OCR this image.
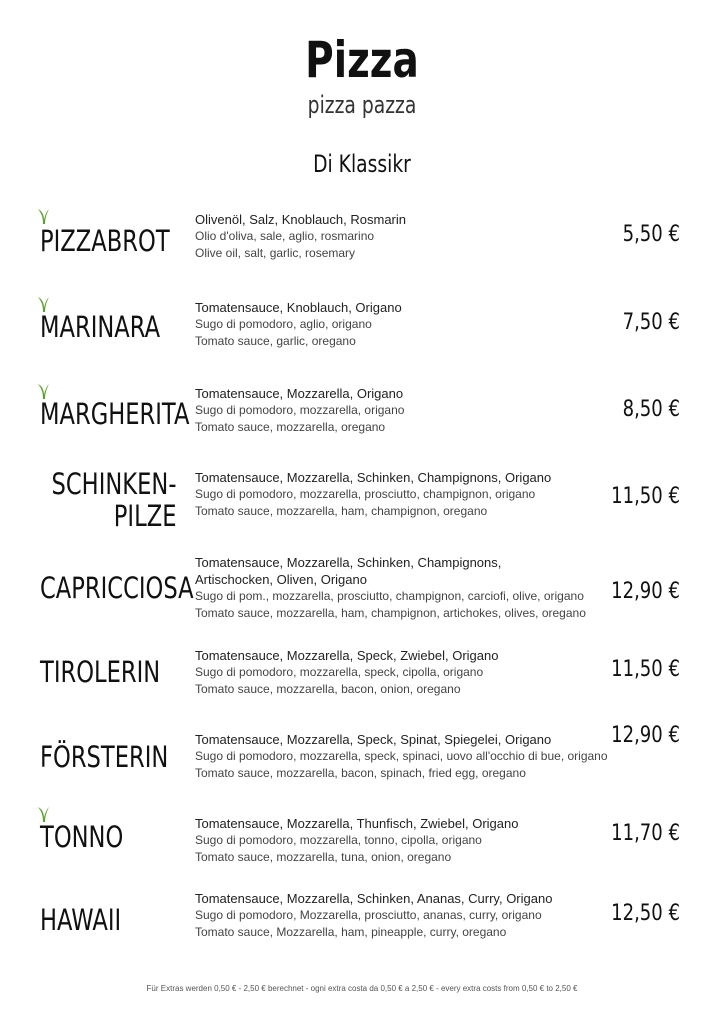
Pizza
pizza pazza
Di Klassikr
PIZZABROT
Olivenöl, Salz, Knoblauch, Rosmarin
Olio d'oliva, sale, aglio, rosmarino
Olive oil, salt, garlic, rosemary
5,50 €
MARINARA
Tomatensauce, Knoblauch, Origano
Sugo di pomodoro, aglio, origano
Tomato sauce, garlic, oregano
7,50 €
MARGHERITA
Tomatensauce, Mozzarella, Origano
Sugo di pomodoro, mozzarella, origano
Tomato sauce, mozzarella, oregano
8,50 €
SCHINKEN-
PILZE
Tomatensauce, Mozzarella, Schinken, Champignons, Origano
Sugo di pomodoro, mozzarella, prosciutto, champignon, origano
Tomato sauce, mozzarella, ham, champignon, oregano
11,50 €
CAPRICCIOSA
Tomatensauce, Mozzarella, Schinken, Champignons,
Artischocken, Oliven, Origano
Sugo di pom., mozzarella, prosciutto, champignon, carciofi, olive, origano
Tomato sauce, mozzarella, ham, champignon, artichokes, olives, oregano
12,90 €
TIROLERIN	Tomatensauce, Mozzarella, Speck, Zwiebel, Origano
Sugo di pomodoro, mozzarella, speck, cipolla, origano
Tomato sauce, mozzarella, bacon, onion, oregano
11,50 €
FÖRSTERIN
Tomatensauce, Mozzarella, Speck, Spinat, Spiegelei, Origano
Sugo di pomodoro, mozzarella, speck, spinaci, uovo all'occhio di bue, origano
Tomato sauce, mozzarella, bacon, spinach, fried egg, oregano
12,90 €
TONNO	Tomatensauce, Mozzarella, Thunfisch, Zwiebel, Origano
Sugo di pomodoro, mozzarella, tonno, cipolla, origano
Tomato sauce, mozzarella, tuna, onion, oregano
11,70 €
HAWAII
Tomatensauce, Mozzarella, Schinken, Ananas, Curry, Origano
Sugo di pomodoro, Mozzarella, prosciutto, ananas, curry, origano
Tomato sauce, Mozzarella, ham, pineapple, curry, oregano
12,50 €
Für Extras werden 0,50 € - 2,50 € berechnet - ogni extra costa da 0,50 € a 2,50 € - every extra costs from 0,50 € to 2,50 €
